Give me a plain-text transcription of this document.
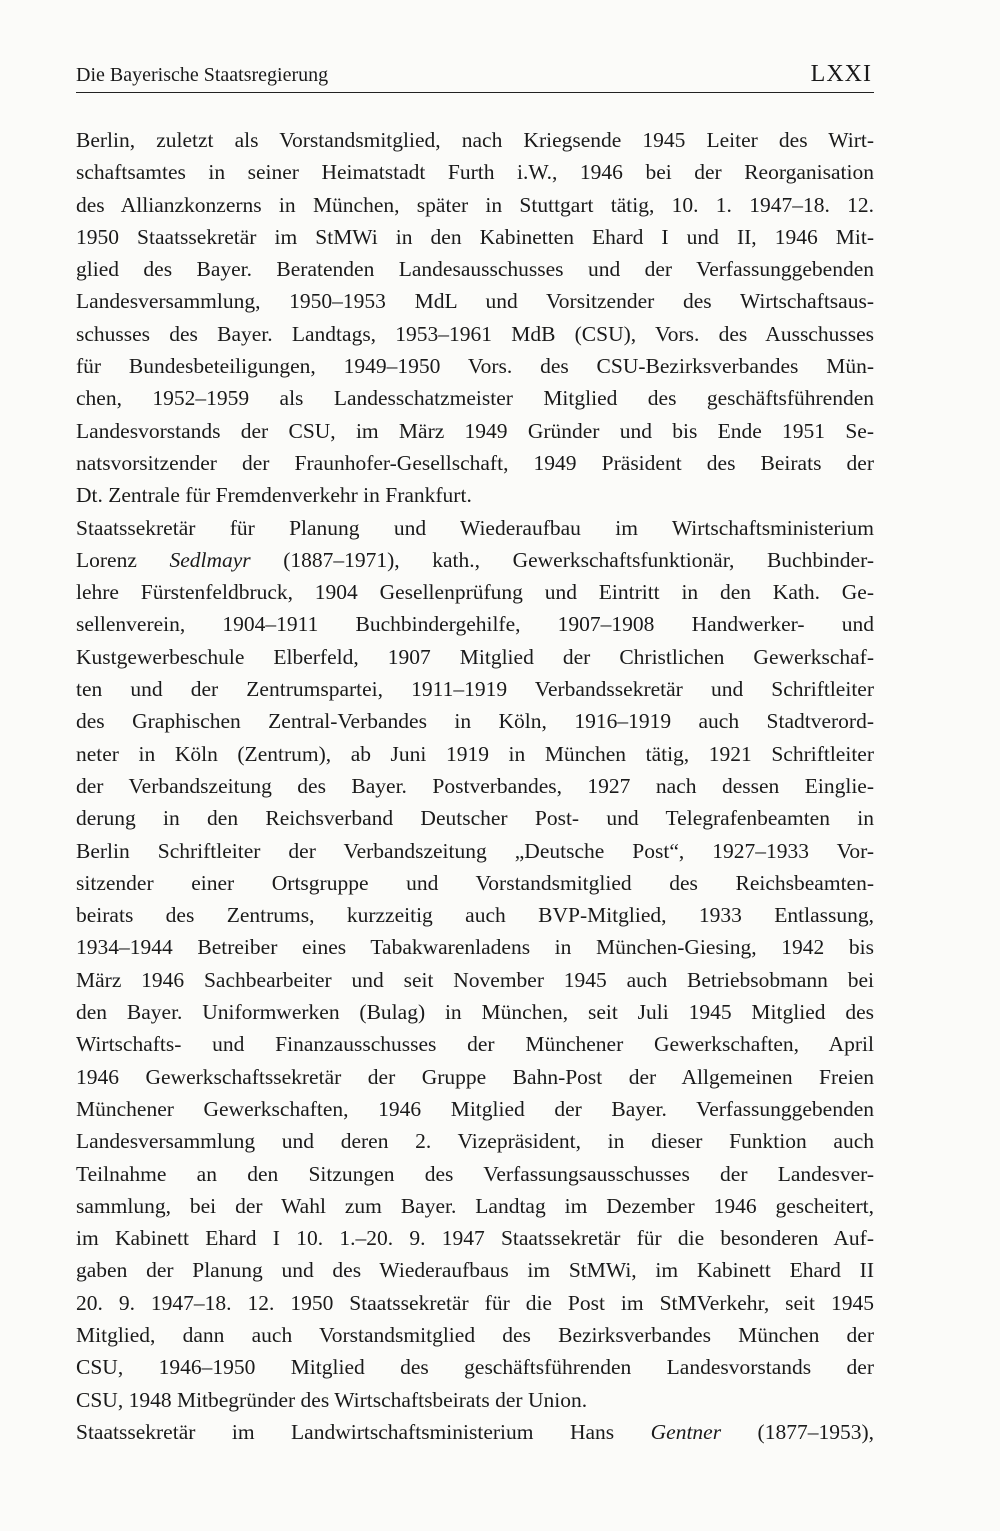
Die Bayerische Staatsregierung	LXXI
Berlin, zuletzt als Vorstandsmitglied, nach Kriegsende 1945 Leiter des Wirt-
schaftsamtes in seiner Heimatstadt Furth i.W., 1946 bei der Reorganisation
des Allianzkonzerns in München, später in Stuttgart tätig, 10. 1. 1947–18. 12.
1950 Staatssekretär im StMWi in den Kabinetten Ehard I und II, 1946 Mit-
glied des Bayer. Beratenden Landesausschusses und der Verfassunggebenden
Landesversammlung, 1950–1953 MdL und Vorsitzender des Wirtschaftsaus-
schusses des Bayer. Landtags, 1953–1961 MdB (CSU), Vors. des Ausschusses
für Bundesbeteiligungen, 1949–1950 Vors. des CSU-Bezirksverbandes Mün-
chen, 1952–1959 als Landesschatzmeister Mitglied des geschäftsführenden
Landesvorstands der CSU, im März 1949 Gründer und bis Ende 1951 Se-
natsvorsitzender der Fraunhofer-Gesellschaft, 1949 Präsident des Beirats der
Dt. Zentrale für Fremdenverkehr in Frankfurt.
Staatssekretär für Planung und Wiederaufbau im Wirtschaftsministerium
Lorenz Sedlmayr (1887–1971), kath., Gewerkschaftsfunktionär, Buchbinder-
lehre Fürstenfeldbruck, 1904 Gesellenprüfung und Eintritt in den Kath. Ge-
sellenverein, 1904–1911 Buchbindergehilfe, 1907–1908 Handwerker- und
Kustgewerbeschule Elberfeld, 1907 Mitglied der Christlichen Gewerkschaf-
ten und der Zentrumspartei, 1911–1919 Verbandssekretär und Schriftleiter
des Graphischen Zentral-Verbandes in Köln, 1916–1919 auch Stadtverord-
neter in Köln (Zentrum), ab Juni 1919 in München tätig, 1921 Schriftleiter
der Verbandszeitung des Bayer. Postverbandes, 1927 nach dessen Einglie-
derung in den Reichsverband Deutscher Post- und Telegrafenbeamten in
Berlin Schriftleiter der Verbandszeitung „Deutsche Post“, 1927–1933 Vor-
sitzender einer Ortsgruppe und Vorstandsmitglied des Reichsbeamten-
beirats des Zentrums, kurzzeitig auch BVP-Mitglied, 1933 Entlassung,
1934–1944 Betreiber eines Tabakwarenladens in München-Giesing, 1942 bis
März 1946 Sachbearbeiter und seit November 1945 auch Betriebsobmann bei
den Bayer. Uniformwerken (Bulag) in München, seit Juli 1945 Mitglied des
Wirtschafts- und Finanzausschusses der Münchener Gewerkschaften, April
1946 Gewerkschaftssekretär der Gruppe Bahn-Post der Allgemeinen Freien
Münchener Gewerkschaften, 1946 Mitglied der Bayer. Verfassunggebenden
Landesversammlung und deren 2. Vizepräsident, in dieser Funktion auch
Teilnahme an den Sitzungen des Verfassungsausschusses der Landesver-
sammlung, bei der Wahl zum Bayer. Landtag im Dezember 1946 gescheitert,
im Kabinett Ehard I 10. 1.–20. 9. 1947 Staatssekretär für die besonderen Auf-
gaben der Planung und des Wiederaufbaus im StMWi, im Kabinett Ehard II
20. 9. 1947–18. 12. 1950 Staatssekretär für die Post im StMVerkehr, seit 1945
Mitglied, dann auch Vorstandsmitglied des Bezirksverbandes München der
CSU, 1946–1950 Mitglied des geschäftsführenden Landesvorstands der
CSU, 1948 Mitbegründer des Wirtschaftsbeirats der Union.
Staatssekretär im Landwirtschaftsministerium Hans Gentner (1877–1953),
